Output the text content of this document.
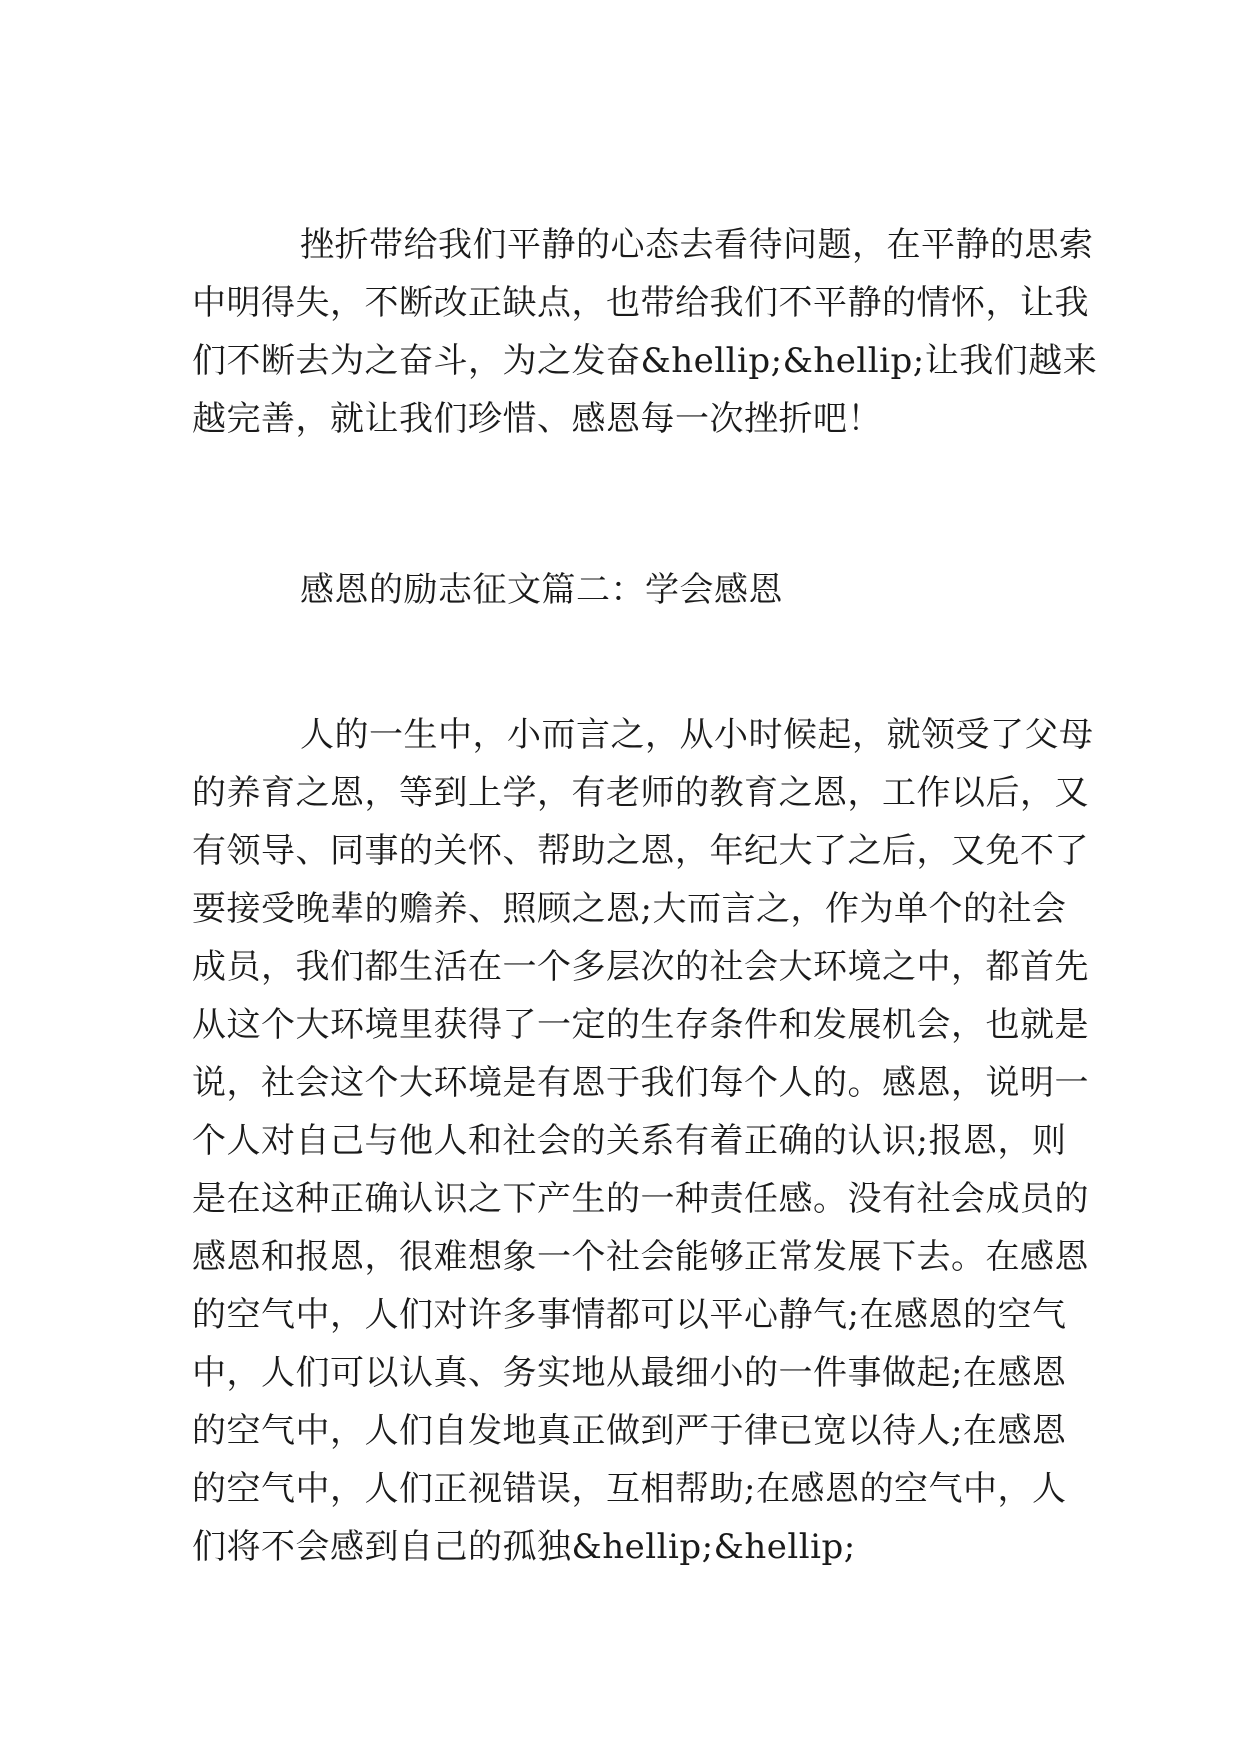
挫折带给我们平静的心态去看待问题，在平静的思索

中明得失，不断改正缺点，也带给我们不平静的情怀，让我

们不断去为之奋斗，为之发奋&hellip;&hellip;让我们越来

越完善，就让我们珍惜、感恩每一次挫折吧！

感恩的励志征文篇二：学会感恩

人的一生中，小而言之，从小时候起，就领受了父母

的养育之恩，等到上学，有老师的教育之恩，工作以后，又

有领导、同事的关怀、帮助之恩，年纪大了之后，又免不了

要接受晚辈的赡养、照顾之恩;大而言之，作为单个的社会

成员，我们都生活在一个多层次的社会大环境之中，都首先

从这个大环境里获得了一定的生存条件和发展机会，也就是

说，社会这个大环境是有恩于我们每个人的。感恩，说明一

个人对自己与他人和社会的关系有着正确的认识;报恩，则

是在这种正确认识之下产生的一种责任感。没有社会成员的

感恩和报恩，很难想象一个社会能够正常发展下去。在感恩

的空气中，人们对许多事情都可以平心静气;在感恩的空气

中，人们可以认真、务实地从最细小的一件事做起;在感恩

的空气中，人们自发地真正做到严于律已宽以待人;在感恩

的空气中，人们正视错误，互相帮助;在感恩的空气中，人

们将不会感到自己的孤独&hellip;&hellip;
